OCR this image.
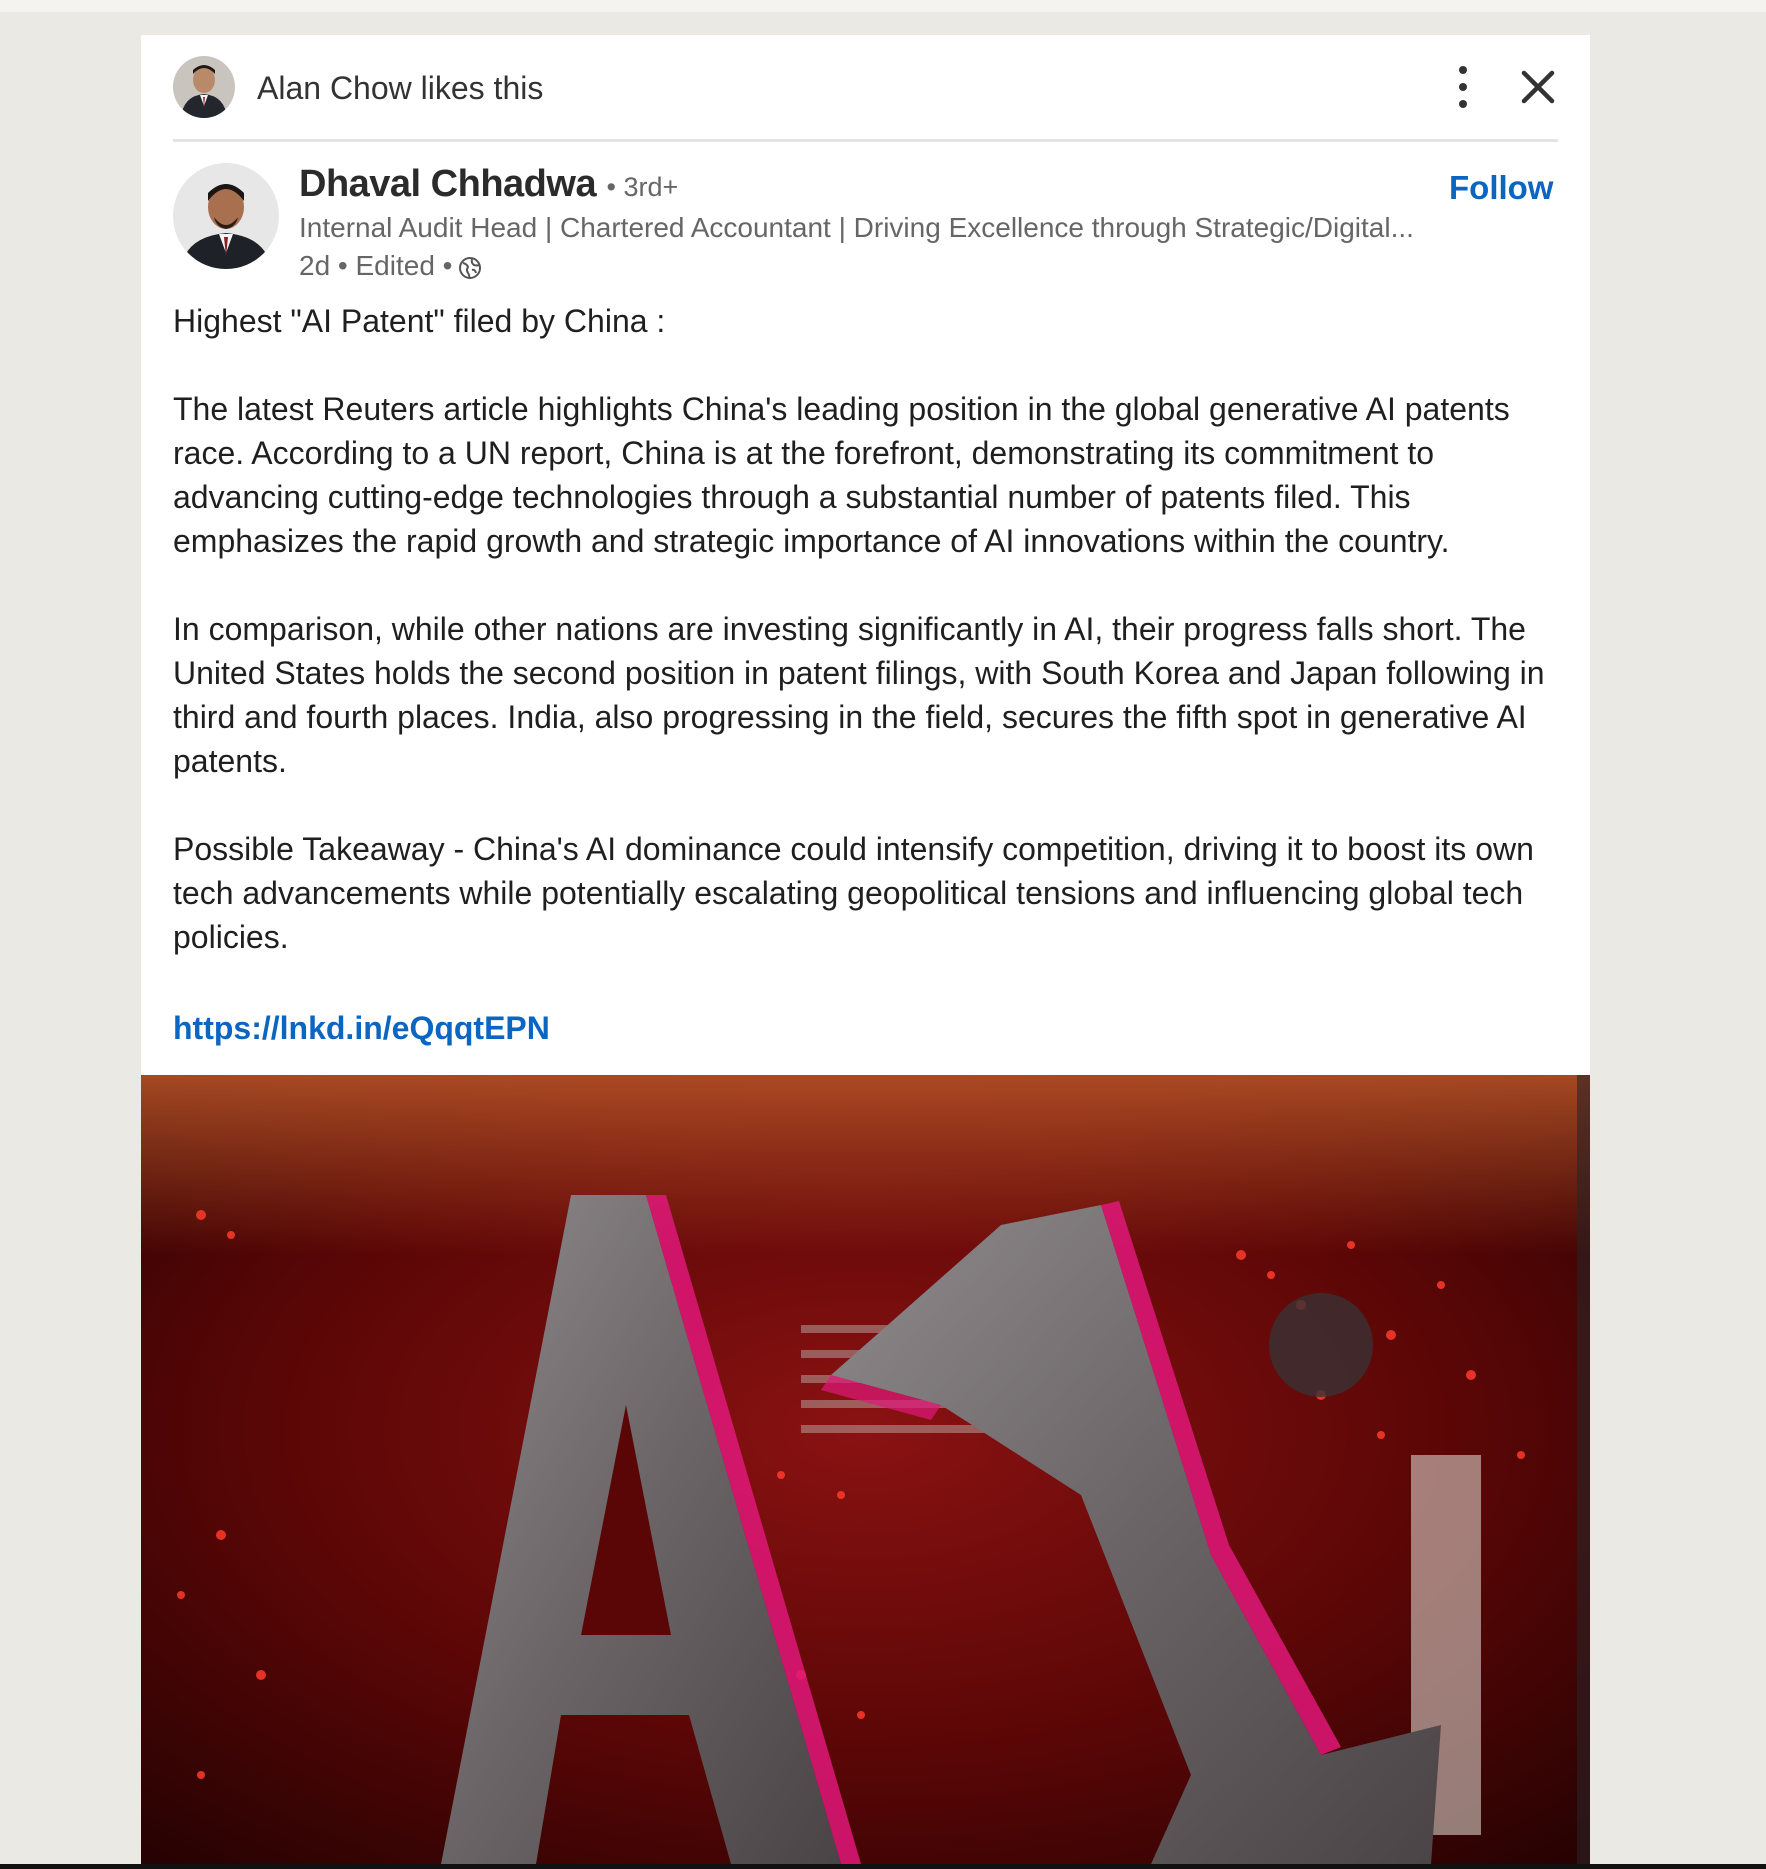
Alan Chow likes this
Dhaval Chhadwa • 3rd+	Follow
Internal Audit Head | Chartered Accountant | Driving Excellence through Strategic/Digital...
2d • Edited •

Highest "AI Patent" filed by China :

The latest Reuters article highlights China's leading position in the global generative AI patents race. According to a UN report, China is at the forefront, demonstrating its commitment to advancing cutting-edge technologies through a substantial number of patents filed. This emphasizes the rapid growth and strategic importance of AI innovations within the country.

In comparison, while other nations are investing significantly in AI, their progress falls short. The United States holds the second position in patent filings, with South Korea and Japan following in third and fourth places. India, also progressing in the field, secures the fifth spot in generative AI patents.

Possible Takeaway - China's AI dominance could intensify competition, driving it to boost its own tech advancements while potentially escalating geopolitical tensions and influencing global tech policies.

https://lnkd.in/eQqqtEPN
